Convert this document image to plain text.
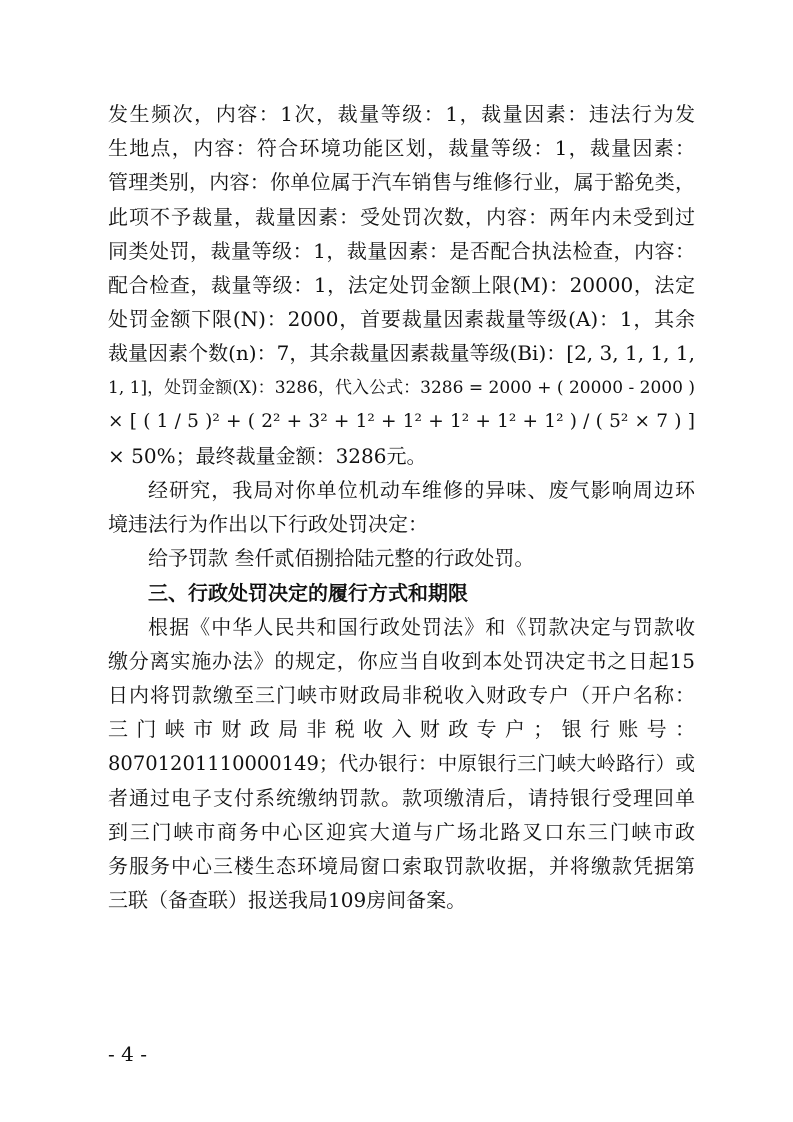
发生频次，内容：1次，裁量等级：1，裁量因素：违法行为发
生地点，内容：符合环境功能区划，裁量等级：1，裁量因素：
管理类别，内容：你单位属于汽车销售与维修行业，属于豁免类，
此项不予裁量，裁量因素：受处罚次数，内容：两年内未受到过
同类处罚，裁量等级：1，裁量因素：是否配合执法检查，内容：
配合检查，裁量等级：1，法定处罚金额上限(M)：20000，法定
处罚金额下限(N)：2000，首要裁量因素裁量等级(A)：1，其余
裁量因素个数(n)：7，其余裁量因素裁量等级(Bi)：[2, 3, 1, 1, 1,
1, 1]，处罚金额(X)：3286，代入公式：3286 = 2000 + ( 20000 - 2000 )
× [ ( 1 / 5 )² + ( 2² + 3² + 1² + 1² + 1² + 1² + 1² ) / ( 5² × 7 ) ]
× 50%；最终裁量金额：3286元。
经研究，我局对你单位机动车维修的异味、废气影响周边环
境违法行为作出以下行政处罚决定：
给予罚款 叁仟贰佰捌拾陆元整的行政处罚。
三、行政处罚决定的履行方式和期限
根据《中华人民共和国行政处罚法》和《罚款决定与罚款收
缴分离实施办法》的规定，你应当自收到本处罚决定书之日起15
日内将罚款缴至三门峡市财政局非税收入财政专户（开户名称：
三门峡市财政局非税收入财政专户；银行账号：
80701201110000149；代办银行：中原银行三门峡大岭路行）或
者通过电子支付系统缴纳罚款。款项缴清后，请持银行受理回单
到三门峡市商务中心区迎宾大道与广场北路叉口东三门峡市政
务服务中心三楼生态环境局窗口索取罚款收据，并将缴款凭据第
三联（备查联）报送我局109房间备案。
- 4 -
